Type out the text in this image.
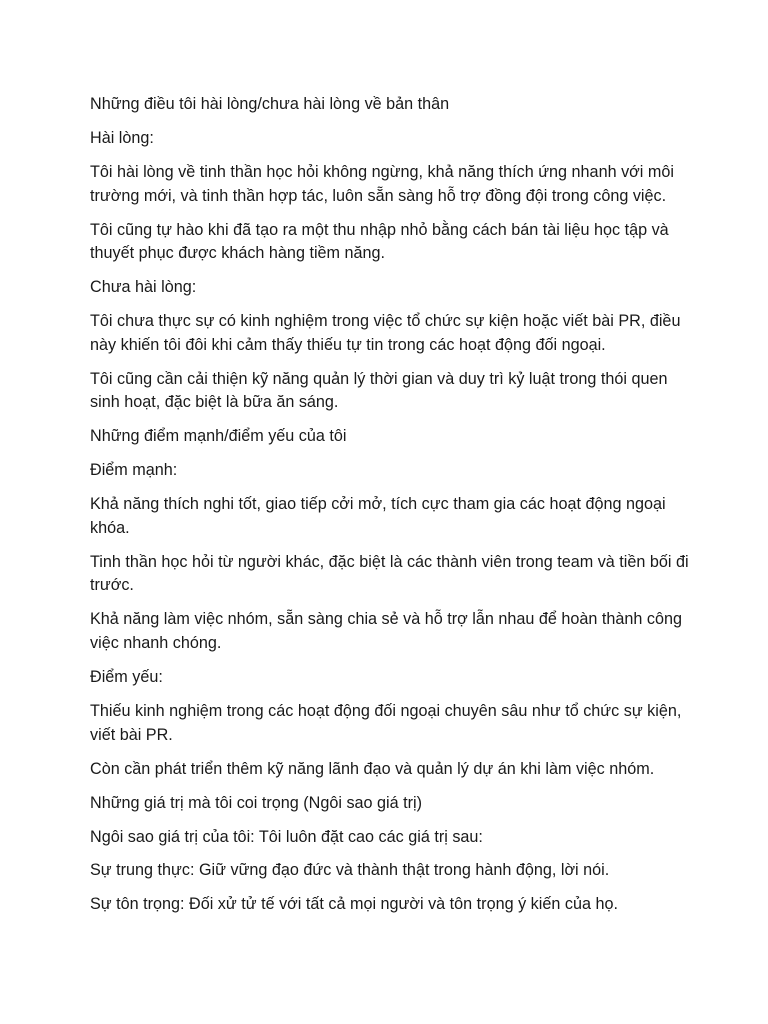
Những điều tôi hài lòng/chưa hài lòng về bản thân

Hài lòng:

Tôi hài lòng về tinh thần học hỏi không ngừng, khả năng thích ứng nhanh với môi trường mới, và tinh thần hợp tác, luôn sẵn sàng hỗ trợ đồng đội trong công việc.

Tôi cũng tự hào khi đã tạo ra một thu nhập nhỏ bằng cách bán tài liệu học tập và thuyết phục được khách hàng tiềm năng.

Chưa hài lòng:

Tôi chưa thực sự có kinh nghiệm trong việc tổ chức sự kiện hoặc viết bài PR, điều này khiến tôi đôi khi cảm thấy thiếu tự tin trong các hoạt động đối ngoại.

Tôi cũng cần cải thiện kỹ năng quản lý thời gian và duy trì kỷ luật trong thói quen sinh hoạt, đặc biệt là bữa ăn sáng.

Những điểm mạnh/điểm yếu của tôi

Điểm mạnh:

Khả năng thích nghi tốt, giao tiếp cởi mở, tích cực tham gia các hoạt động ngoại khóa.

Tinh thần học hỏi từ người khác, đặc biệt là các thành viên trong team và tiền bối đi trước.

Khả năng làm việc nhóm, sẵn sàng chia sẻ và hỗ trợ lẫn nhau để hoàn thành công việc nhanh chóng.

Điểm yếu:

Thiếu kinh nghiệm trong các hoạt động đối ngoại chuyên sâu như tổ chức sự kiện, viết bài PR.

Còn cần phát triển thêm kỹ năng lãnh đạo và quản lý dự án khi làm việc nhóm.

Những giá trị mà tôi coi trọng (Ngôi sao giá trị)

Ngôi sao giá trị của tôi: Tôi luôn đặt cao các giá trị sau:

Sự trung thực: Giữ vững đạo đức và thành thật trong hành động, lời nói.

Sự tôn trọng: Đối xử tử tế với tất cả mọi người và tôn trọng ý kiến của họ.
